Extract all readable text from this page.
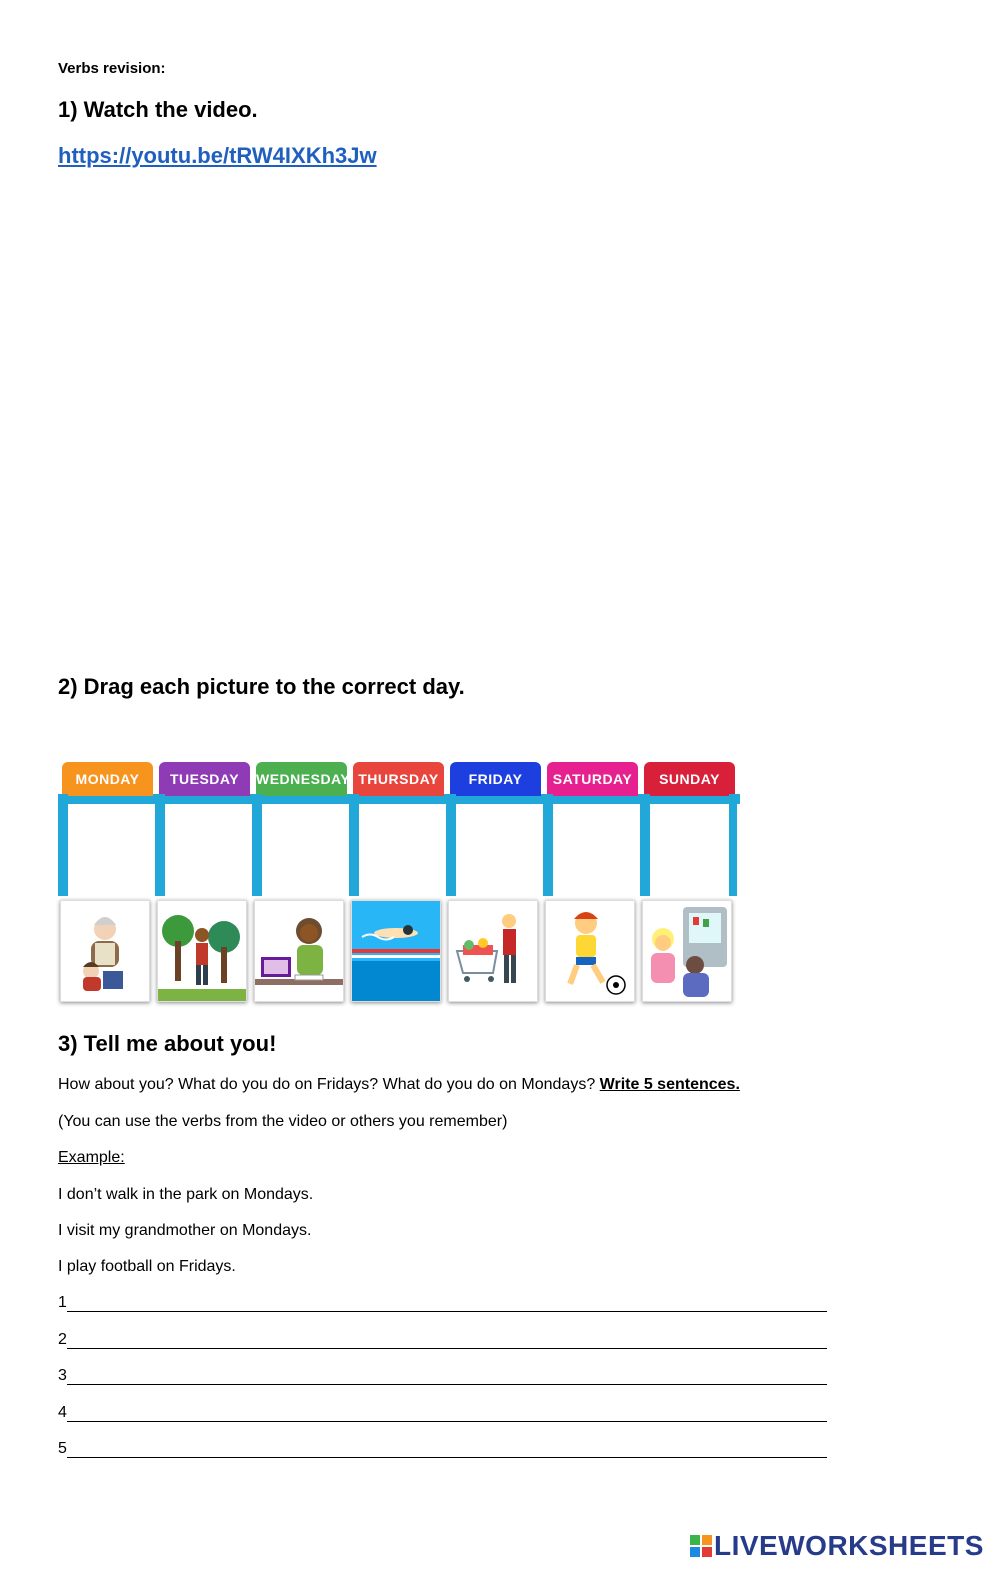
Verbs revision:
1) Watch the video.
https://youtu.be/tRW4IXKh3Jw
2) Drag each picture to the correct day.
MONDAY	TUESDAY	WEDNESDAY THURSDAY	FRIDAY	SATURDAY	SUNDAY
3) Tell me about you!
How about you? What do you do on Fridays? What do you do on Mondays? Write 5 sentences.
(You can use the verbs from the video or others you remember)
Example:
I don’t walk in the park on Mondays.
I visit my grandmother on Mondays.
I play football on Fridays.
1
2
3
4
5
LIVEWORKSHEETS
